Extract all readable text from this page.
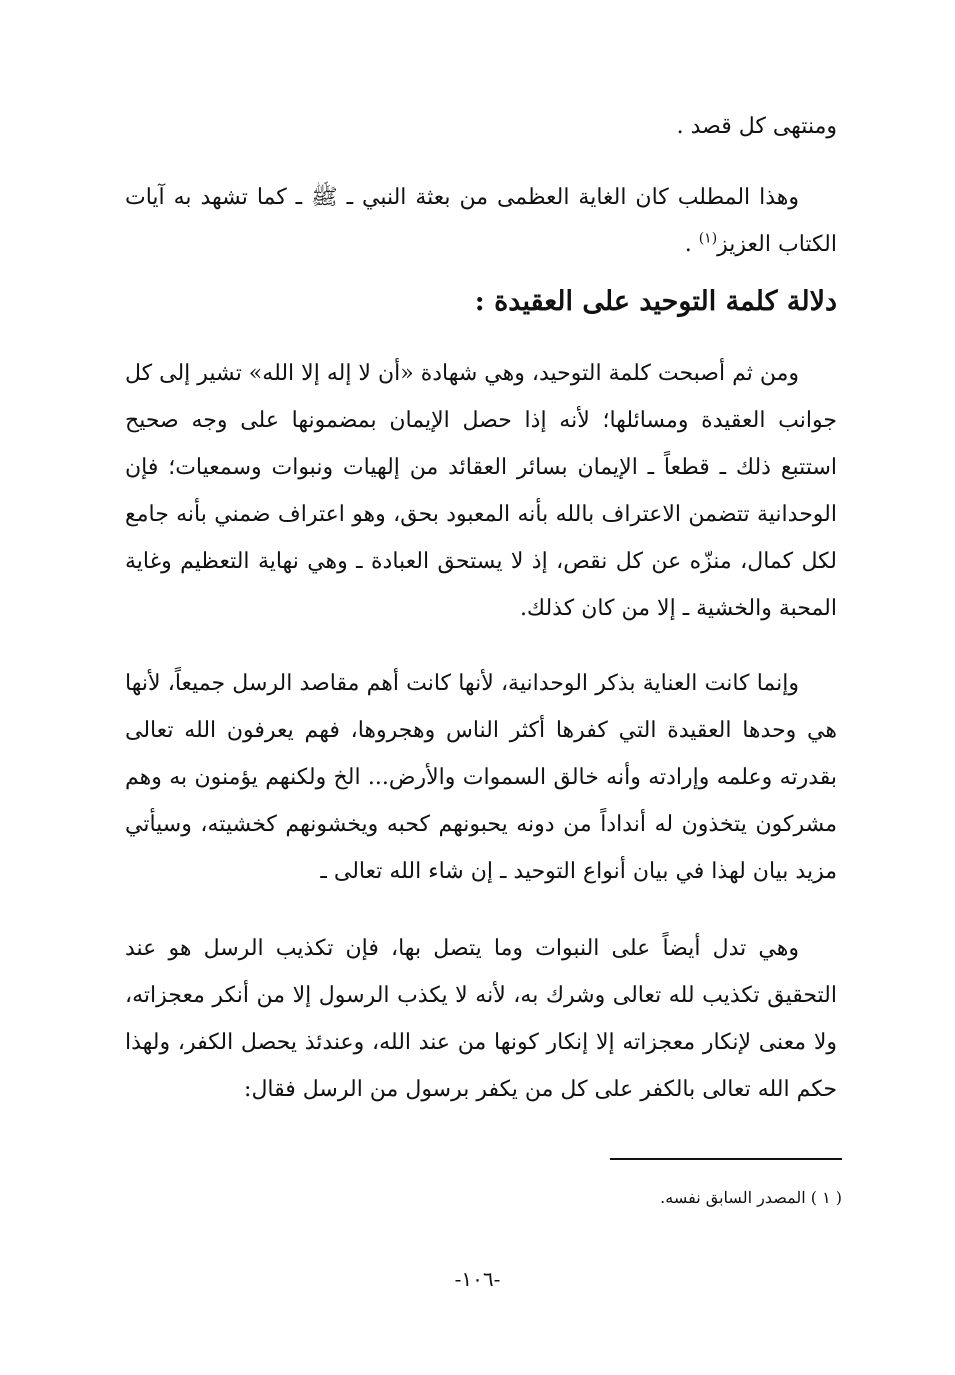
ومنتهى كل قصد .

وهذا المطلب كان الغاية العظمى من بعثة النبي ـ ﷺ ـ كما تشهد به آيات الكتاب العزيز$^{(١)}$ .

دلالة كلمة التوحيد على العقيدة :

ومن ثم أصبحت كلمة التوحيد، وهي شهادة «أن لا إله إلا الله» تشير إلى كل جوانب العقيدة ومسائلها؛ لأنه إذا حصل الإيمان بمضمونها على وجه صحيح استتبع ذلك ـ قطعاً ـ الإيمان بسائر العقائد من إلهيات ونبوات وسمعيات؛ فإن الوحدانية تتضمن الاعتراف بالله بأنه المعبود بحق، وهو اعتراف ضمني بأنه جامع لكل كمال، منزّه عن كل نقص، إذ لا يستحق العبادة ـ وهي نهاية التعظيم وغاية المحبة والخشية ـ إلا من كان كذلك.

وإنما كانت العناية بذكر الوحدانية، لأنها كانت أهم مقاصد الرسل جميعاً، لأنها هي وحدها العقيدة التي كفرها أكثر الناس وهجروها، فهم يعرفون الله تعالى بقدرته وعلمه وإرادته وأنه خالق السموات والأرض... الخ ولكنهم يؤمنون به وهم مشركون يتخذون له أنداداً من دونه يحبونهم كحبه ويخشونهم كخشيته، وسيأتي مزيد بيان لهذا في بيان أنواع التوحيد ـ إن شاء الله تعالى ـ

وهي تدل أيضاً على النبوات وما يتصل بها، فإن تكذيب الرسل هو عند التحقيق تكذيب لله تعالى وشرك به، لأنه لا يكذب الرسول إلا من أنكر معجزاته، ولا معنى لإنكار معجزاته إلا إنكار كونها من عند الله، وعندئذ يحصل الكفر، ولهذا حكم الله تعالى بالكفر على كل من يكفر برسول من الرسل فقال:

( ١ ) المصدر السابق نفسه.

-١٠٦-
